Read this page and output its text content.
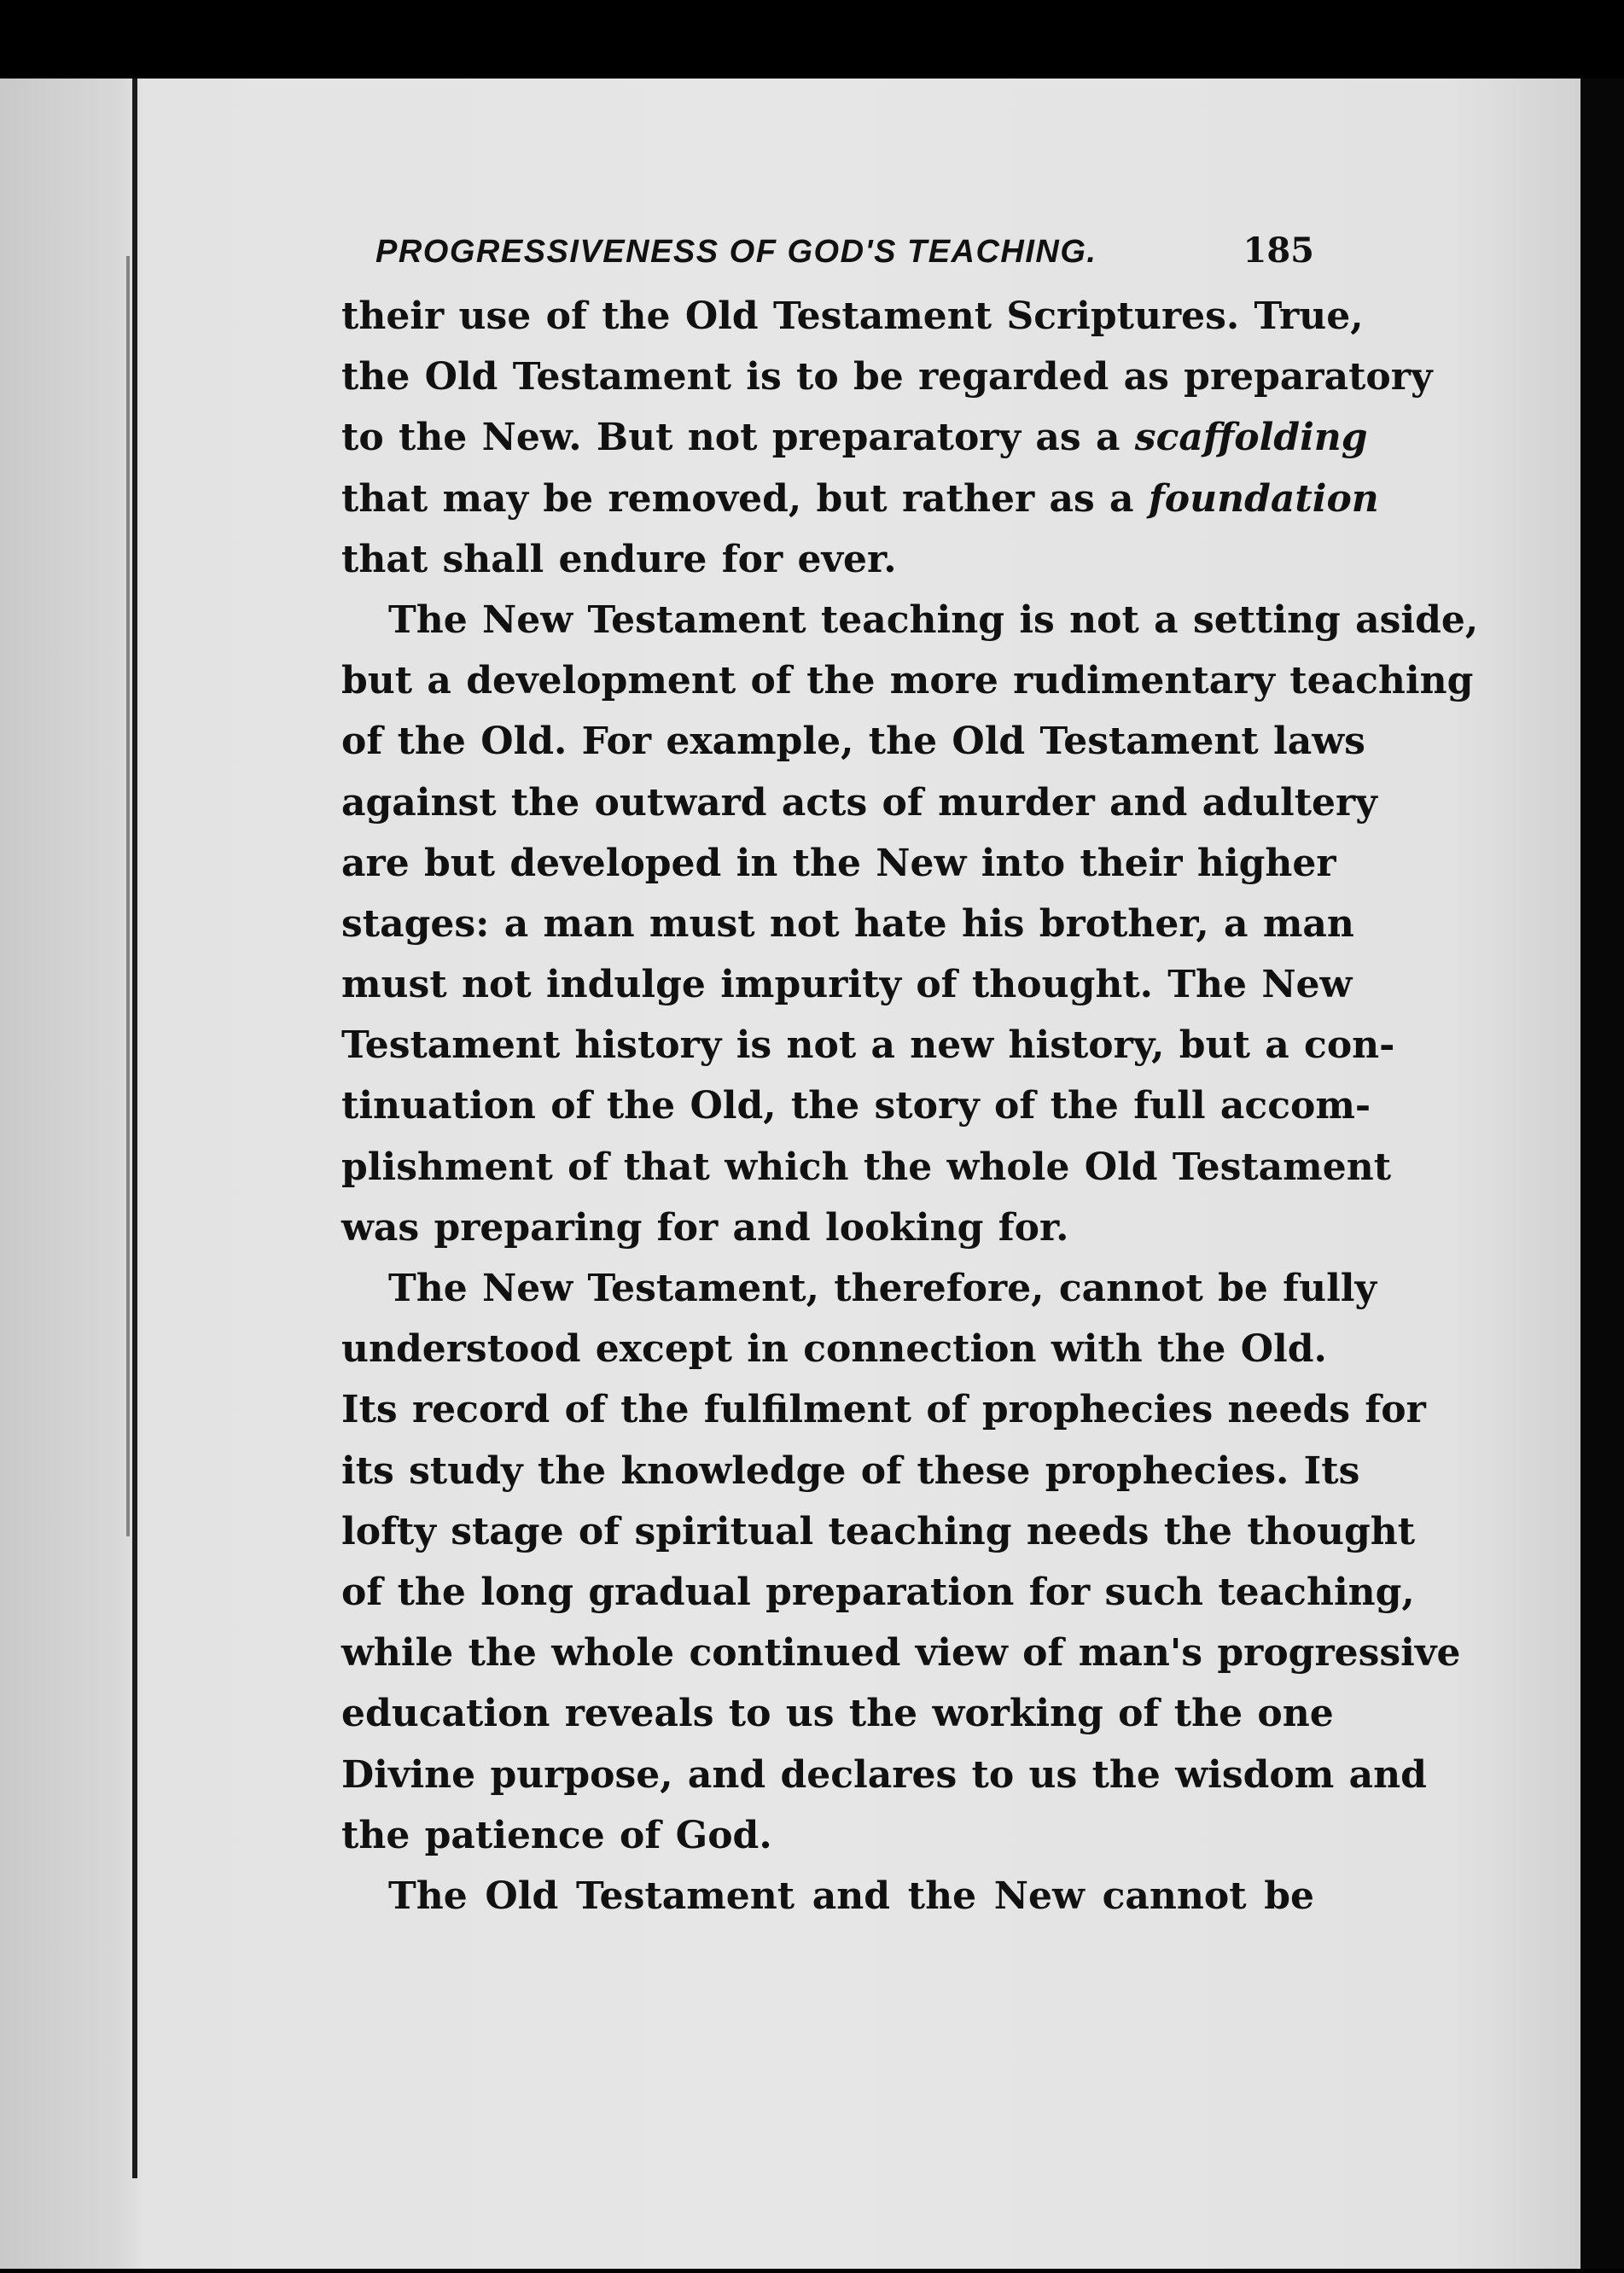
PROGRESSIVENESS OF GOD'S TEACHING.	185
their use of the Old Testament Scriptures. True,
the Old Testament is to be regarded as preparatory
to the New. But not preparatory as a scaffolding
that may be removed, but rather as a foundation
that shall endure for ever.
The New Testament teaching is not a setting aside,
but a development of the more rudimentary teaching
of the Old. For example, the Old Testament laws
against the outward acts of murder and adultery
are but developed in the New into their higher
stages: a man must not hate his brother, a man
must not indulge impurity of thought. The New
Testament history is not a new history, but a con-
tinuation of the Old, the story of the full accom-
plishment of that which the whole Old Testament
was preparing for and looking for.
The New Testament, therefore, cannot be fully
understood except in connection with the Old.
Its record of the fulfilment of prophecies needs for
its study the knowledge of these prophecies. Its
lofty stage of spiritual teaching needs the thought
of the long gradual preparation for such teaching,
while the whole continued view of man's progressive
education reveals to us the working of the one
Divine purpose, and declares to us the wisdom and
the patience of God.
The Old Testament and the New cannot be
